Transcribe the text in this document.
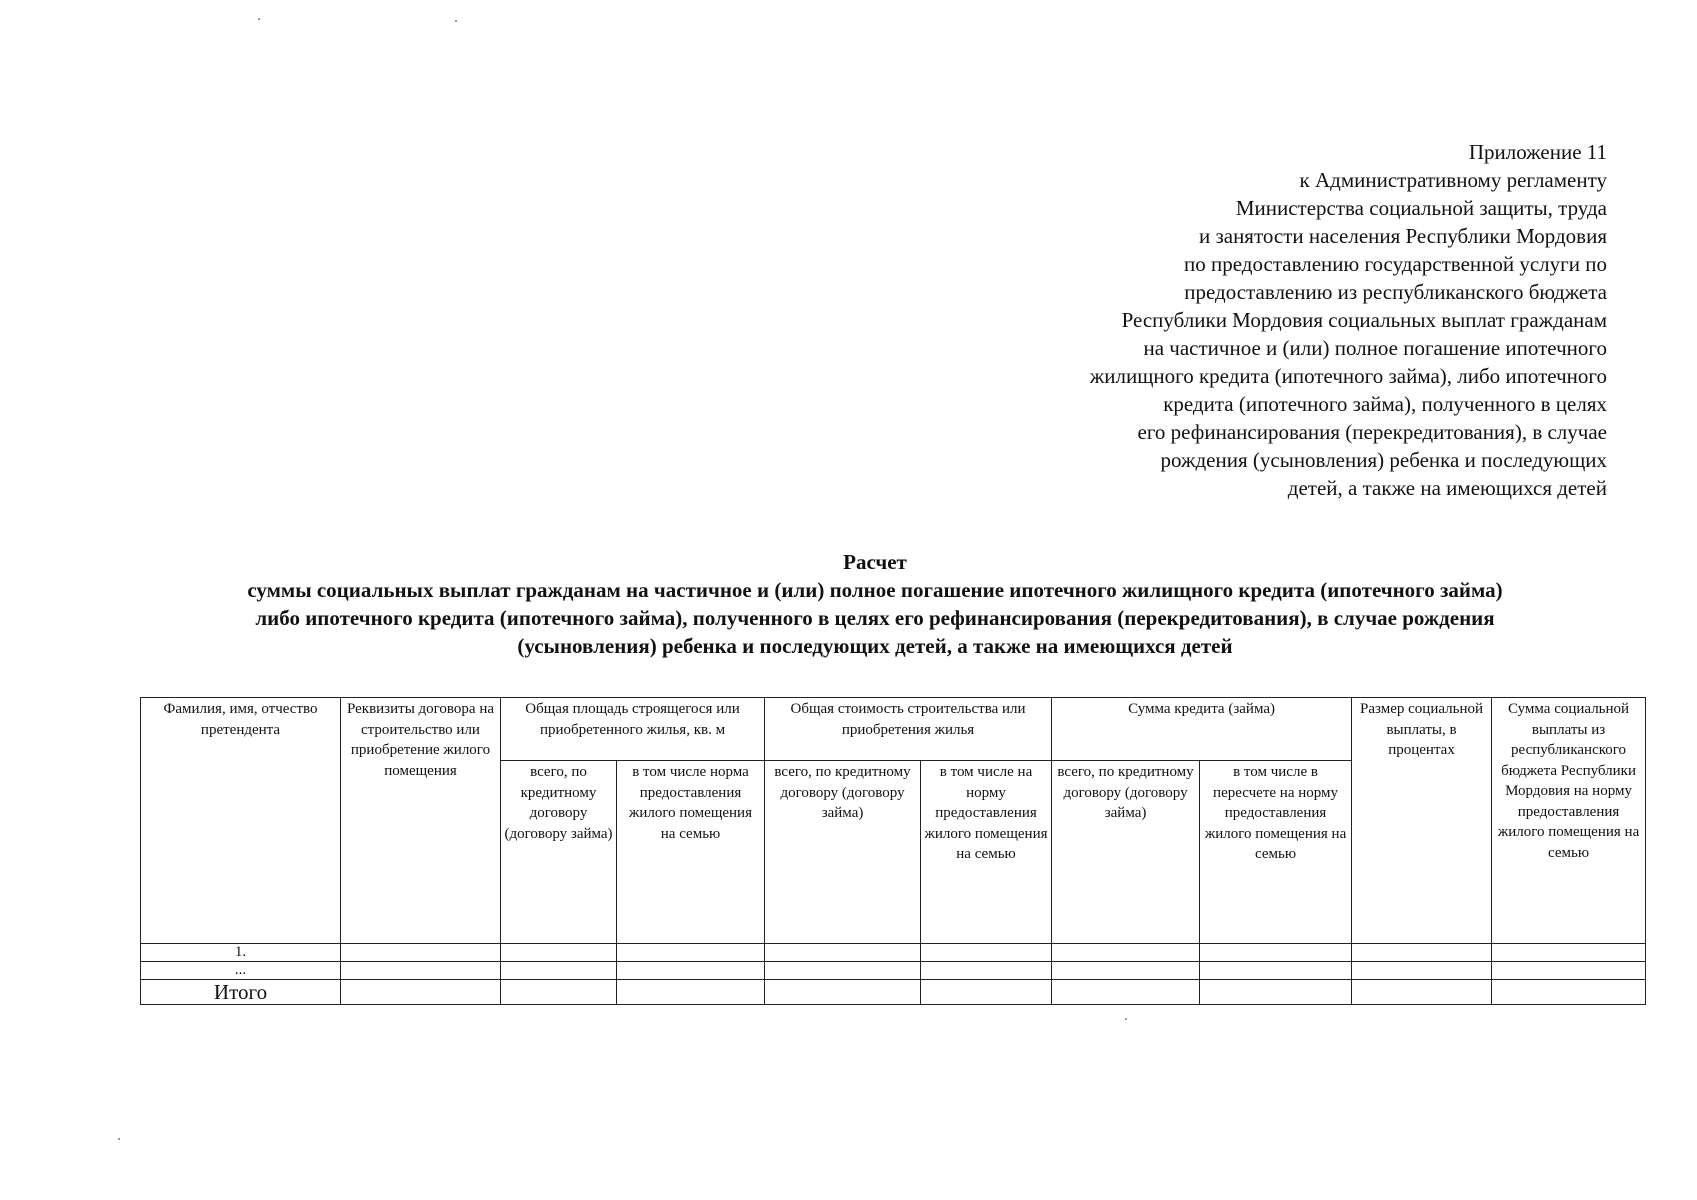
Приложение 11
к Административному регламенту
Министерства социальной защиты, труда
и занятости населения Республики Мордовия
по предоставлению государственной услуги по
предоставлению из республиканского бюджета
Республики Мордовия социальных выплат гражданам
на частичное и (или) полное погашение ипотечного
жилищного кредита (ипотечного займа), либо ипотечного
кредита (ипотечного займа), полученного в целях
его рефинансирования (перекредитования), в случае
рождения (усыновления) ребенка и последующих
детей, а также на имеющихся детей
Расчет
суммы социальных выплат гражданам на частичное и (или) полное погашение ипотечного жилищного кредита (ипотечного займа)
либо ипотечного кредита (ипотечного займа), полученного в целях его рефинансирования (перекредитования), в случае рождения
(усыновления) ребенка и последующих детей, а также на имеющихся детей
Фамилия, имя, отчество претендента	Реквизиты договора на строительство или приобретение жилого помещения	Общая площадь строящегося или приобретенного жилья, кв. м		Общая стоимость строительства или приобретения жилья		Сумма кредита (займа)		Размер социальной выплаты, в процентах	Сумма социальной выплаты из республиканского бюджета Республики Мордовия на норму предоставления жилого помещения на семью
		всего, по кредитному договору (договору займа)	в том числе норма предоставления жилого помещения на семью	всего, по кредитному договору (договору займа)	в том числе на норму предоставления жилого помещения на семью	всего, по кредитному договору (договору займа)	в том числе в пересчете на норму предоставления жилого помещения на семью		
1.									
...									
Итого									
